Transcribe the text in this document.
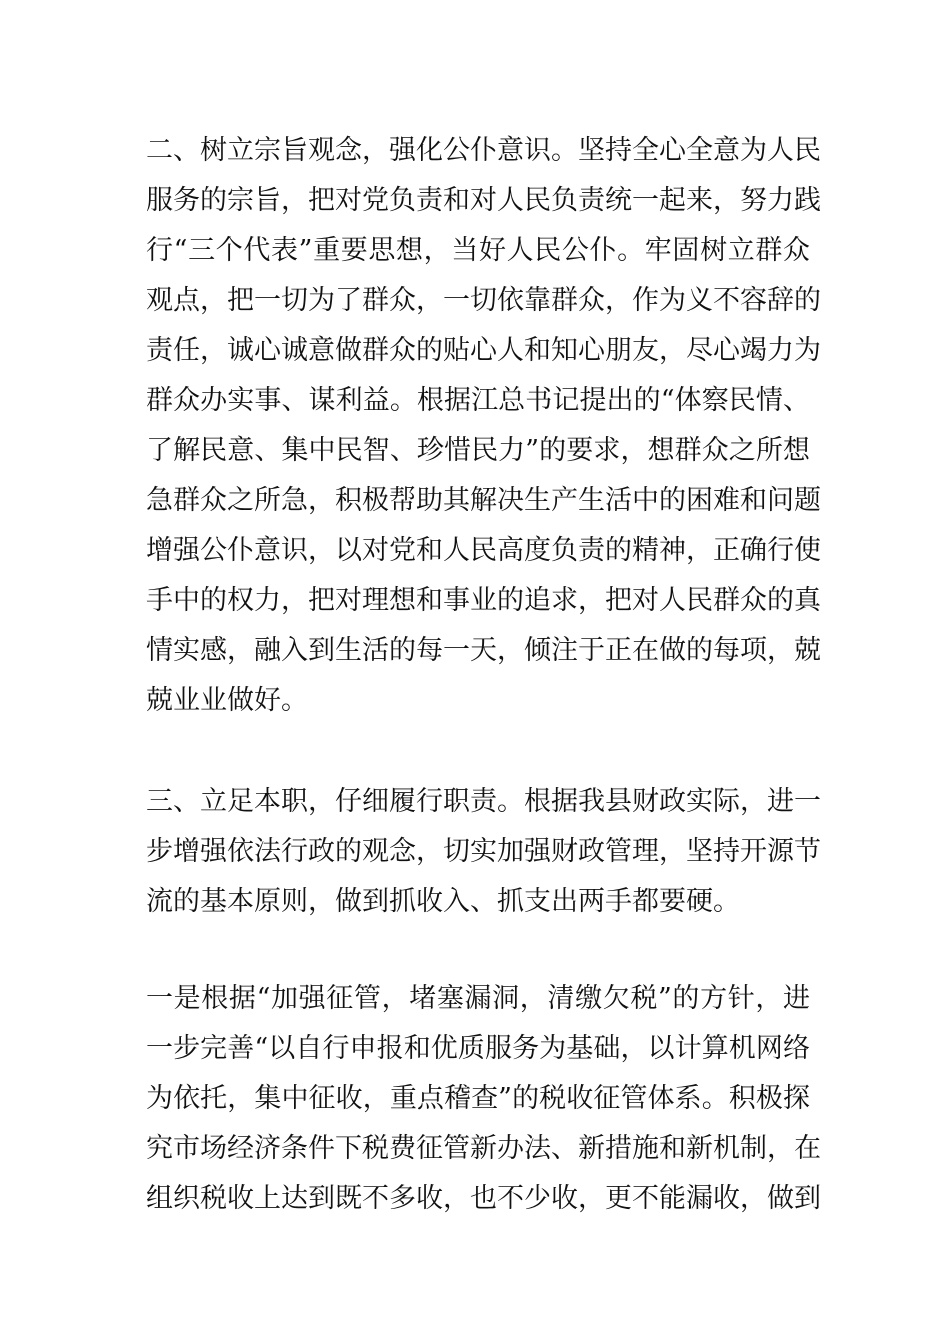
二、树立宗旨观念，强化公仆意识。坚持全心全意为人民
服务的宗旨，把对党负责和对人民负责统一起来，努力践
行“三个代表”重要思想，当好人民公仆。牢固树立群众
观点，把一切为了群众，一切依靠群众，作为义不容辞的
责任，诚心诚意做群众的贴心人和知心朋友，尽心竭力为
群众办实事、谋利益。根据江总书记提出的“体察民情、
了解民意、集中民智、珍惜民力”的要求，想群众之所想
急群众之所急，积极帮助其解决生产生活中的困难和问题
增强公仆意识，以对党和人民高度负责的精神，正确行使
手中的权力，把对理想和事业的追求，把对人民群众的真
情实感，融入到生活的每一天，倾注于正在做的每项，兢
兢业业做好。
三、立足本职，仔细履行职责。根据我县财政实际，进一
步增强依法行政的观念，切实加强财政管理，坚持开源节
流的基本原则，做到抓收入、抓支出两手都要硬。
一是根据“加强征管，堵塞漏洞，清缴欠税”的方针，进
一步完善“以自行申报和优质服务为基础，以计算机网络
为依托，集中征收，重点稽查”的税收征管体系。积极探
究市场经济条件下税费征管新办法、新措施和新机制，在
组织税收上达到既不多收，也不少收，更不能漏收，做到
